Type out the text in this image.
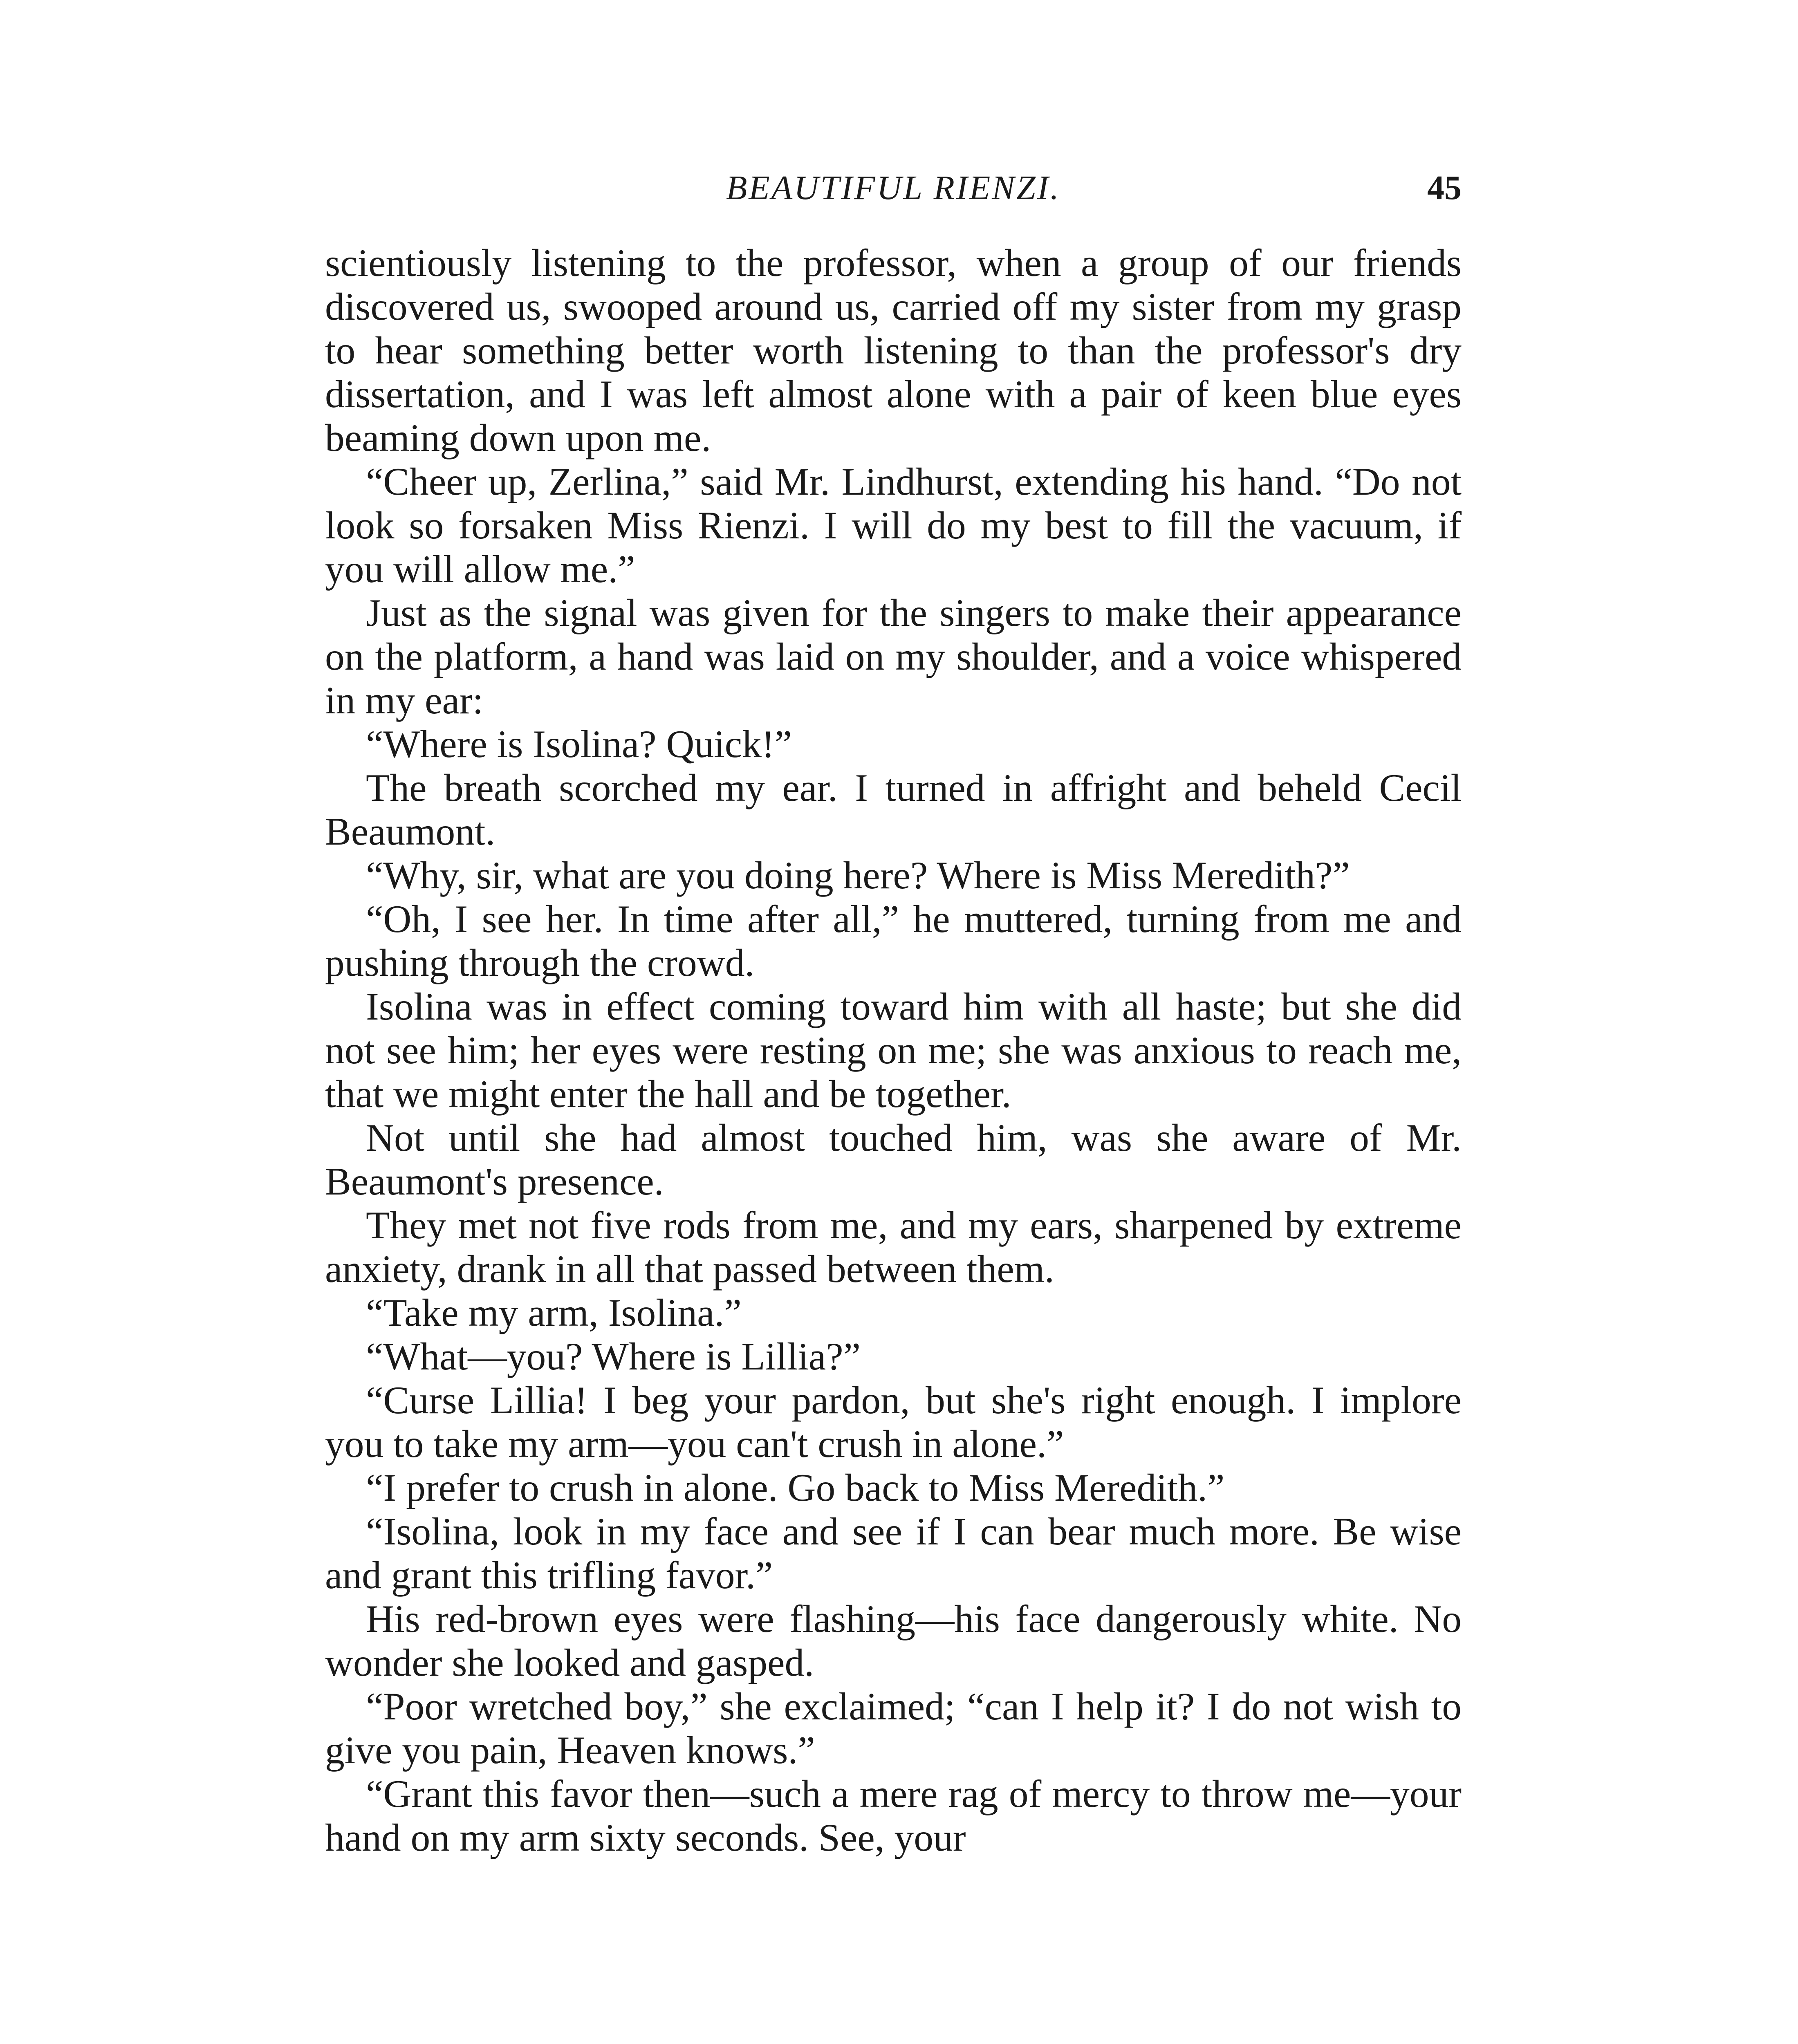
BEAUTIFUL RIENZI.	45

scientiously listening to the professor, when a group of our friends discovered us, swooped around us, carried off my sister from my grasp to hear something better worth listening to than the professor's dry dissertation, and I was left almost alone with a pair of keen blue eyes beaming down upon me.

“Cheer up, Zerlina,” said Mr. Lindhurst, extending his hand. “Do not look so forsaken Miss Rienzi. I will do my best to fill the vacuum, if you will allow me.”

Just as the signal was given for the singers to make their appearance on the platform, a hand was laid on my shoulder, and a voice whispered in my ear:

“Where is Isolina? Quick!”

The breath scorched my ear. I turned in affright and beheld Cecil Beaumont.

“Why, sir, what are you doing here? Where is Miss Meredith?”

“Oh, I see her. In time after all,” he muttered, turning from me and pushing through the crowd.

Isolina was in effect coming toward him with all haste; but she did not see him; her eyes were resting on me; she was anxious to reach me, that we might enter the hall and be together.

Not until she had almost touched him, was she aware of Mr. Beaumont's presence.

They met not five rods from me, and my ears, sharpened by extreme anxiety, drank in all that passed between them.

“Take my arm, Isolina.”

“What—you? Where is Lillia?”

“Curse Lillia! I beg your pardon, but she's right enough. I implore you to take my arm—you can't crush in alone.”

“I prefer to crush in alone. Go back to Miss Meredith.”

“Isolina, look in my face and see if I can bear much more. Be wise and grant this trifling favor.”

His red-brown eyes were flashing—his face dangerously white. No wonder she looked and gasped.

“Poor wretched boy,” she exclaimed; “can I help it? I do not wish to give you pain, Heaven knows.”

“Grant this favor then—such a mere rag of mercy to throw me—your hand on my arm sixty seconds. See, your
